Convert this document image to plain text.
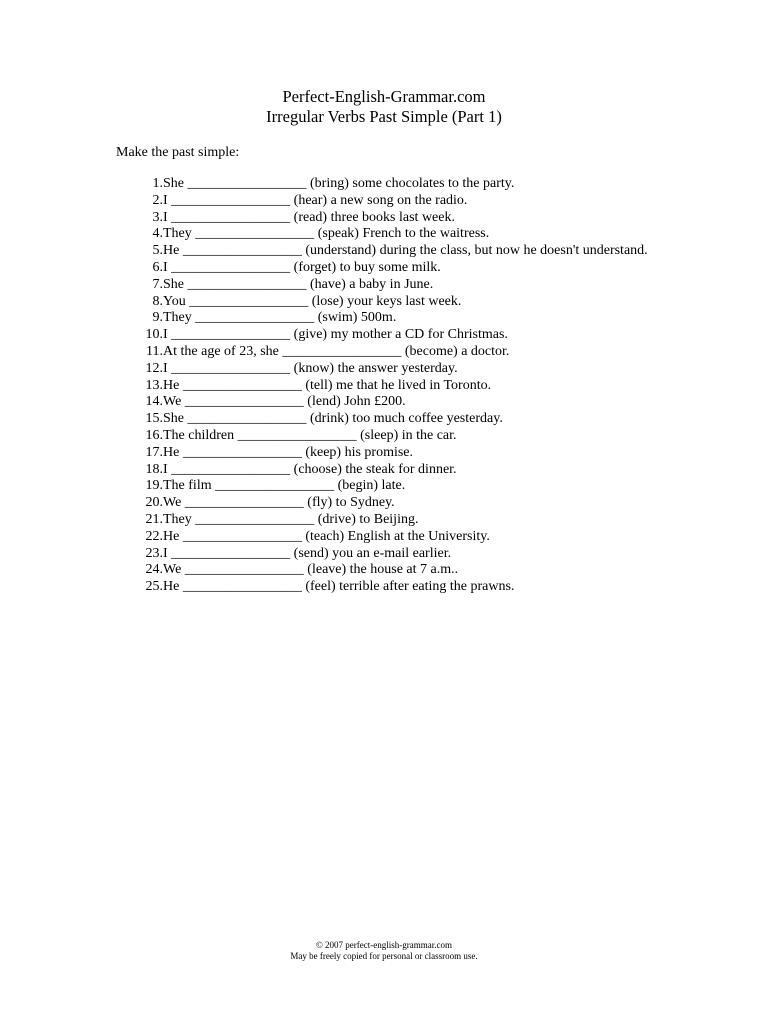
Perfect-English-Grammar.com
Irregular Verbs Past Simple (Part 1)
Make the past simple:
1. She _________________ (bring) some chocolates to the party.
2. I _________________ (hear) a new song on the radio.
3. I _________________ (read) three books last week.
4. They _________________ (speak) French to the waitress.
5. He _________________ (understand) during the class, but now he doesn't understand.
6. I _________________ (forget) to buy some milk.
7. She _________________ (have) a baby in June.
8. You _________________ (lose) your keys last week.
9. They _________________ (swim) 500m.
10. I _________________ (give) my mother a CD for Christmas.
11. At the age of 23, she _________________ (become) a doctor.
12. I _________________ (know) the answer yesterday.
13. He _________________ (tell) me that he lived in Toronto.
14. We _________________ (lend) John £200.
15. She _________________ (drink) too much coffee yesterday.
16. The children _________________ (sleep) in the car.
17. He _________________ (keep) his promise.
18. I _________________ (choose) the steak for dinner.
19. The film _________________ (begin) late.
20. We _________________ (fly) to Sydney.
21. They _________________ (drive) to Beijing.
22. He _________________ (teach) English at the University.
23. I _________________ (send) you an e-mail earlier.
24. We _________________ (leave) the house at 7 a.m..
25. He _________________ (feel) terrible after eating the prawns.
© 2007 perfect-english-grammar.com
May be freely copied for personal or classroom use.
